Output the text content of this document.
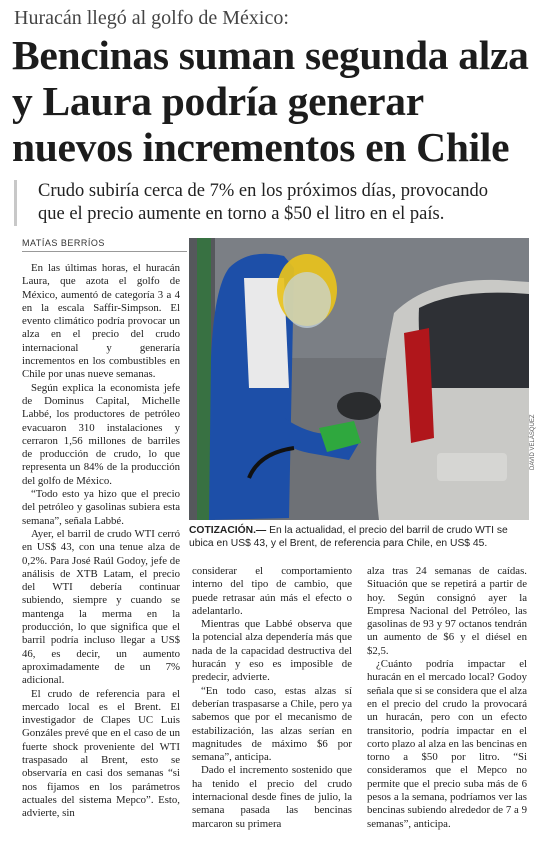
Huracán llegó al golfo de México:
Bencinas suman segunda alza
y Laura podría generar
nuevos incrementos en Chile
Crudo subiría cerca de 7% en los próximos días, provocando
que el precio aumente en torno a $50 el litro en el país.
MATÍAS BERRÍOS

En las últimas horas, el huracán Laura, que azota el golfo de México, aumentó de categoría 3 a 4 en la escala Saffir-Simpson. El evento climático podría provocar un alza en el precio del crudo internacional y generaría incrementos en los combustibles en Chile por unas nueve semanas.

Según explica la economista jefe de Dominus Capital, Michelle Labbé, los productores de petróleo evacuaron 310 instalaciones y cerraron 1,56 millones de barriles de producción de crudo, lo que representa un 84% de la producción del golfo de México.

“Todo esto ya hizo que el precio del petróleo y gasolinas subiera esta semana”, señala Labbé.

Ayer, el barril de crudo WTI cerró en US$ 43, con una tenue alza de 0,2%. Para José Raúl Godoy, jefe de análisis de XTB Latam, el precio del WTI debería continuar subiendo, siempre y cuando se mantenga la merma en la producción, lo que significa que el barril podría incluso llegar a US$ 46, es decir, un aumento aproximadamente de un 7% adicional.

El crudo de referencia para el mercado local es el Brent. El investigador de Clapes UC Luis Gonzáles prevé que en el caso de un fuerte shock proveniente del WTI traspasado al Brent, esto se observaría en casi dos semanas “si nos fijamos en los parámetros actuales del sistema Mepco”. Esto, advierte, sin

DAVID VELÁSQUEZ
COTIZACIÓN.— En la actualidad, el precio del barril de crudo WTI se ubica en US$ 43, y el Brent, de referencia para Chile, en US$ 45.

considerar el comportamiento interno del tipo de cambio, que puede retrasar aún más el efecto o adelantarlo.

Mientras que Labbé observa que la potencial alza dependería más que nada de la capacidad destructiva del huracán y eso es imposible de predecir, advierte.

“En todo caso, estas alzas sí deberían traspasarse a Chile, pero ya sabemos que por el mecanismo de estabilización, las alzas serían en magnitudes de máximo $6 por semana”, anticipa.

Dado el incremento sostenido que ha tenido el precio del crudo internacional desde fines de julio, la semana pasada las bencinas marcaron su primera

alza tras 24 semanas de caídas. Situación que se repetirá a partir de hoy. Según consignó ayer la Empresa Nacional del Petróleo, las gasolinas de 93 y 97 octanos tendrán un aumento de $6 y el diésel en $2,5.

¿Cuánto podría impactar el huracán en el mercado local? Godoy señala que si se considera que el alza en el precio del crudo la provocará un huracán, pero con un efecto transitorio, podría impactar en el corto plazo al alza en las bencinas en torno a $50 por litro. “Si consideramos que el Mepco no permite que el precio suba más de 6 pesos a la semana, podríamos ver las bencinas subiendo alrededor de 7 a 9 semanas”, anticipa.
